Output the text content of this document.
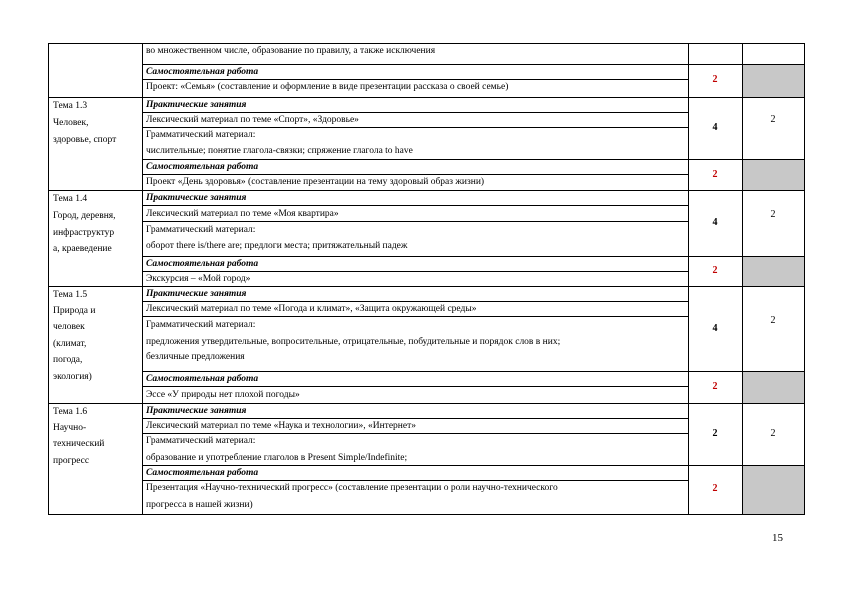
во множественном числе, образование по правилу, а также исключения
Самостоятельная работа
Проект: «Семья» (составление и оформление в виде презентации рассказа о своей семье)
2
Тема 1.3
Человек,
здоровье, спорт
Практические занятия
Лексический материал по теме «Спорт», «Здоровье»
Грамматический материал:
числительные; понятие глагола-связки; спряжение глагола to have
4
2
Самостоятельная работа
Проект «День здоровья» (составление презентации на тему здоровый образ жизни)
2
Тема 1.4
Город, деревня,
инфраструктур
а, краеведение
Практические занятия
Лексический материал по теме «Моя квартира»
Грамматический материал:
оборот there is/there are; предлоги места; притяжательный падеж
4
2
Самостоятельная работа
Экскурсия – «Мой город»
2
Тема 1.5
Природа и
человек
(климат,
погода,
экология)
Практические занятия
Лексический материал по теме «Погода и климат», «Защита окружающей среды»
Грамматический материал:
предложения утвердительные, вопросительные, отрицательные, побудительные и порядок слов в них;
безличные предложения
4
2
Самостоятельная работа
Эссе «У природы нет плохой погоды»
2
Тема 1.6
Научно-
технический
прогресс
Практические занятия
Лексический материал по теме «Наука и технологии», «Интернет»
Грамматический материал:
образование и употребление глаголов в Present Simple/Indefinite;
2	2
Самостоятельная работа
Презентация «Научно-технический прогресс» (составление презентации о роли научно-технического
прогресса в нашей жизни)
2
15
